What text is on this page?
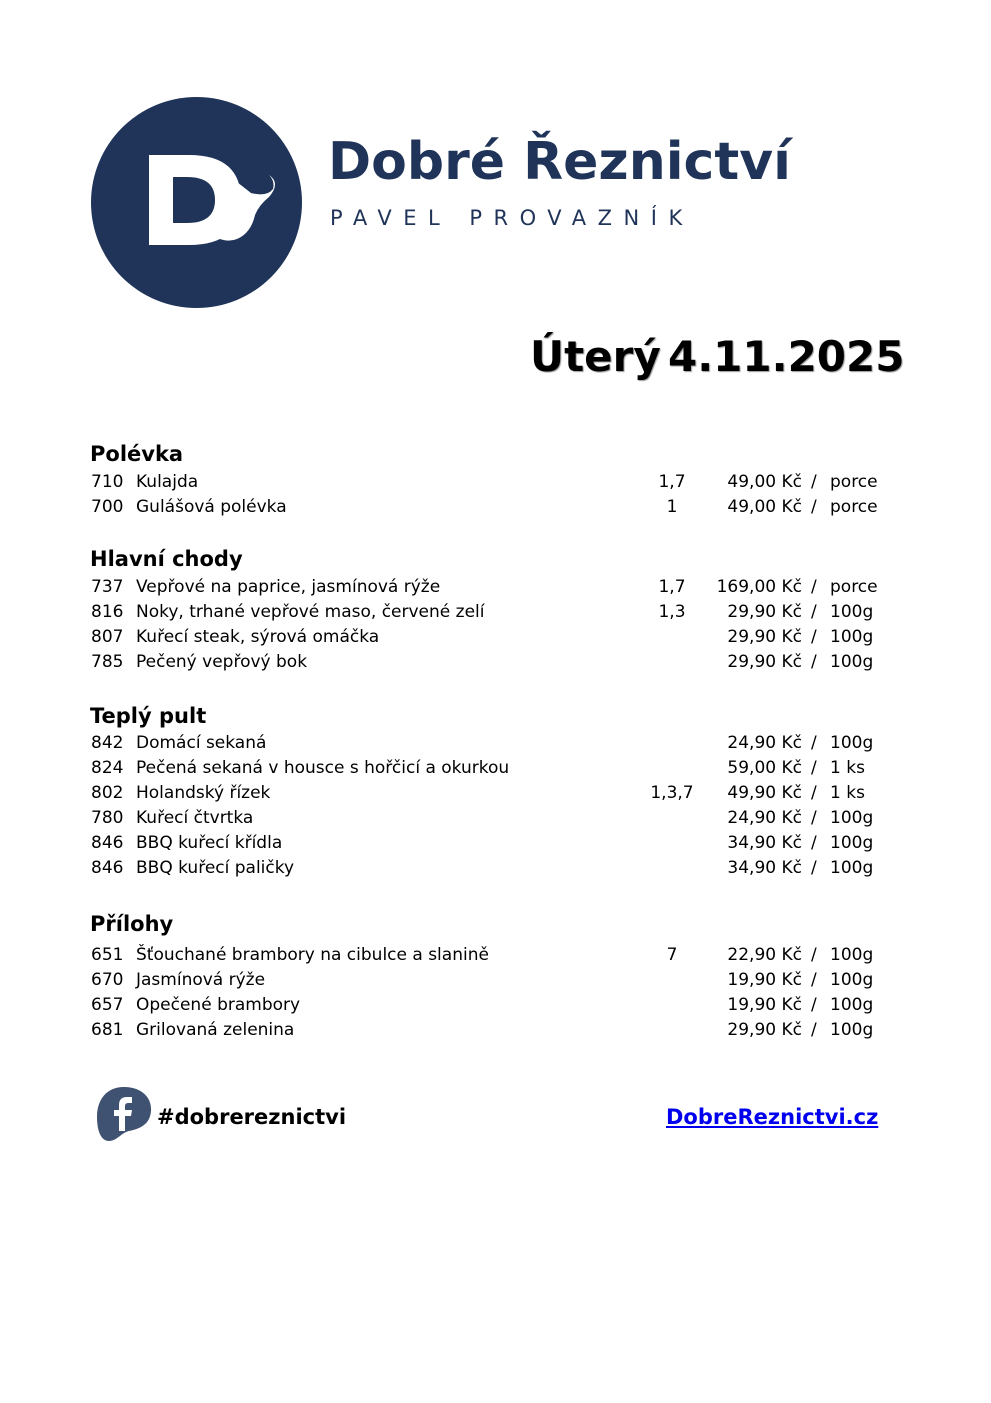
Dobré Řeznictví
PAVEL PROVAZNÍK
Úterý 4.11.2025
Polévka
710 Kulajda	1,7	49,00 Kč / porce
700 Gulášová polévka	1	49,00 Kč / porce
Hlavní chody
737 Vepřové na paprice, jasmínová rýže	1,7	169,00 Kč / porce
816 Noky, trhané vepřové maso, červené zelí	1,3	29,90 Kč / 100g
807 Kuřecí steak, sýrová omáčka	29,90 Kč / 100g
785 Pečený vepřový bok	29,90 Kč / 100g
Teplý pult
842 Domácí sekaná	24,90 Kč / 100g
824 Pečená sekaná v housce s hořčicí a okurkou	59,00 Kč / 1 ks
802 Holandský řízek	1,3,7	49,90 Kč / 1 ks
780 Kuřecí čtvrtka	24,90 Kč / 100g
846 BBQ kuřecí křídla	34,90 Kč / 100g
846 BBQ kuřecí paličky	34,90 Kč / 100g
Přílohy
651 Šťouchané brambory na cibulce a slanině	7	22,90 Kč / 100g
670 Jasmínová rýže	19,90 Kč / 100g
657 Opečené brambory	19,90 Kč / 100g
681 Grilovaná zelenina	29,90 Kč / 100g
#dobrereznictvi	DobreReznictvi.cz
